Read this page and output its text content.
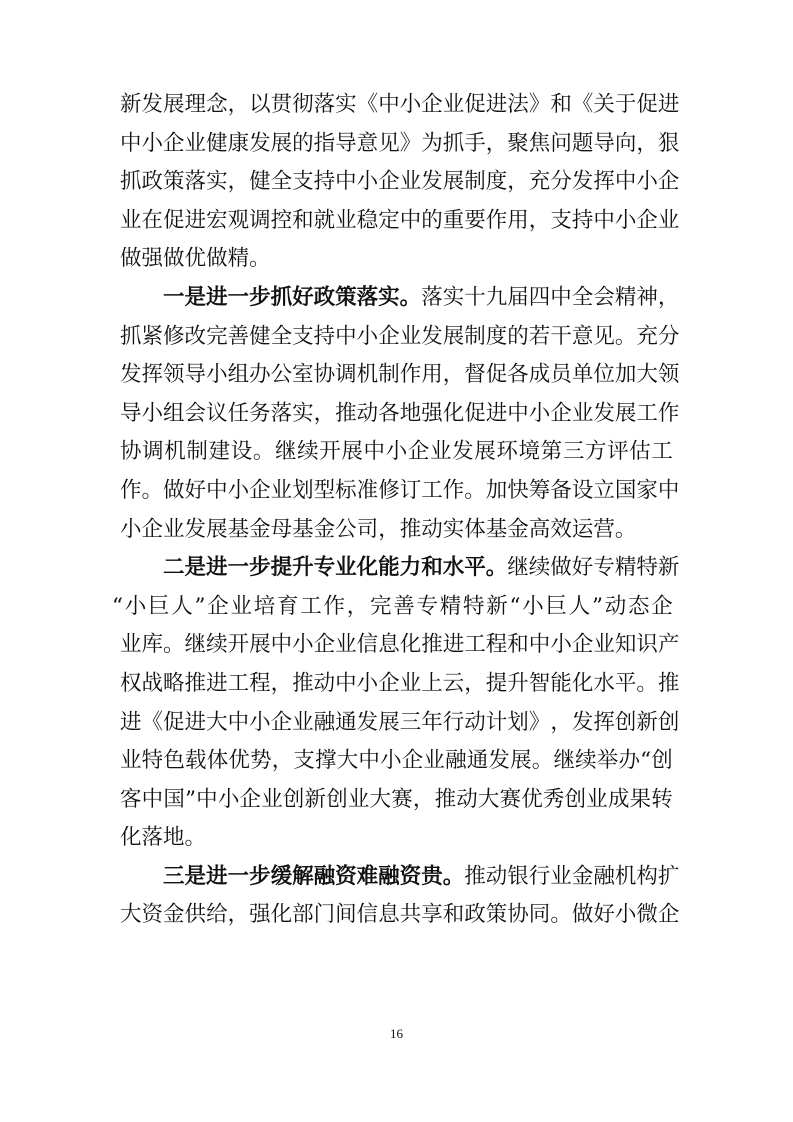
新 发 展 理 念 ， 以 贯 彻 落 实 《 中 小 企 业 促 进 法 》 和 《 关 于 促 进
中 小 企 业 健 康 发 展 的 指 导 意 见 》 为 抓 手 ， 聚 焦 问 题 导 向 ， 狠
抓 政 策 落 实 ， 健 全 支 持 中 小 企 业 发 展 制 度 ， 充 分 发 挥 中 小 企
业 在 促 进 宏 观 调 控 和 就 业 稳 定 中 的 重 要 作 用 ， 支 持 中 小 企 业
做 强 做 优 做 精 。
一 是 进 一 步 抓 好 政 策 落 实 。 落 实 十 九 届 四 中 全 会 精 神 ，
抓 紧 修 改 完 善 健 全 支 持 中 小 企 业 发 展 制 度 的 若 干 意 见 。 充 分
发 挥 领 导 小 组 办 公 室 协 调 机 制 作 用 ， 督 促 各 成 员 单 位 加 大 领
导 小 组 会 议 任 务 落 实 ， 推 动 各 地 强 化 促 进 中 小 企 业 发 展 工 作
协 调 机 制 建 设 。 继 续 开 展 中 小 企 业 发 展 环 境 第 三 方 评 估 工
作 。 做 好 中 小 企 业 划 型 标 准 修 订 工 作 。 加 快 筹 备 设 立 国 家 中
小 企 业 发 展 基 金 母 基 金 公 司 ， 推 动 实 体 基 金 高 效 运 营 。
二 是 进 一 步 提 升 专 业 化 能 力 和 水 平 。 继 续 做 好 专 精 特 新
“ 小 巨 人 ” 企 业 培 育 工 作 ， 完 善 专 精 特 新 “ 小 巨 人 ” 动 态 企
业 库 。 继 续 开 展 中 小 企 业 信 息 化 推 进 工 程 和 中 小 企 业 知 识 产
权 战 略 推 进 工 程 ， 推 动 中 小 企 业 上 云 ， 提 升 智 能 化 水 平 。 推
进 《 促 进 大 中 小 企 业 融 通 发 展 三 年 行 动 计 划 》 ， 发 挥 创 新 创
业 特 色 载 体 优 势 ， 支 撑 大 中 小 企 业 融 通 发 展 。 继 续 举 办 “ 创
客 中 国 ” 中 小 企 业 创 新 创 业 大 赛 ， 推 动 大 赛 优 秀 创 业 成 果 转
化 落 地 。
三 是 进 一 步 缓 解 融 资 难 融 资 贵 。 推 动 银 行 业 金 融 机 构 扩
大 资 金 供 给 ， 强 化 部 门 间 信 息 共 享 和 政 策 协 同 。 做 好 小 微 企
16
